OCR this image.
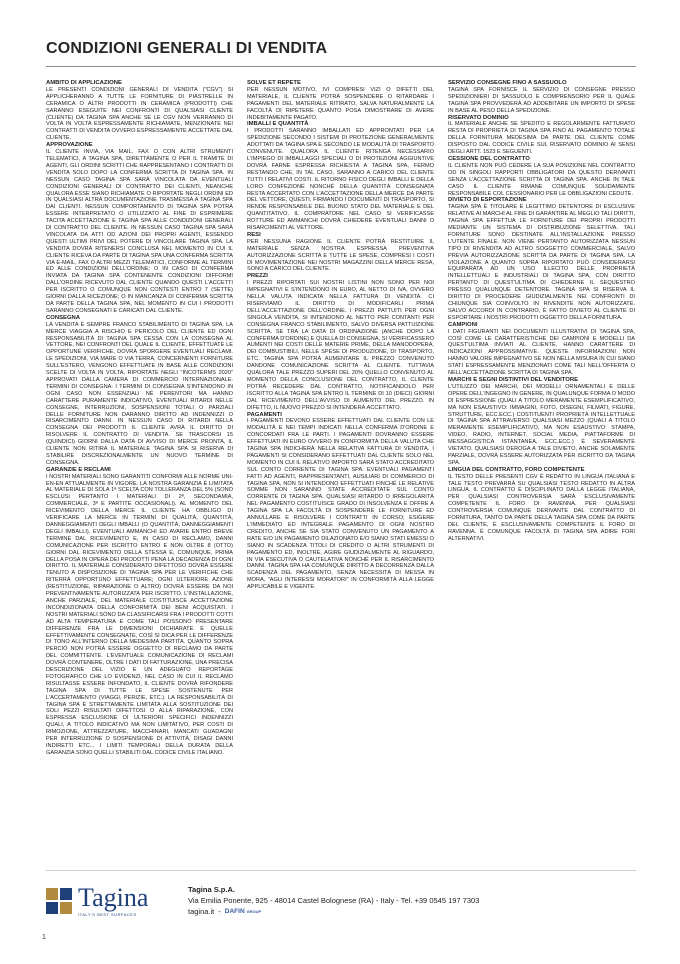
CONDIZIONI GENERALI DI VENDITA
AMBITO DI APPLICAZIONE

LE PRESENTI CONDIZIONI GENERALI DI VENDITA ("CGV") SI APPLICHERANNO A TUTTE LE FORNITURE DI PIASTRELLE IN CERAMICA O ALTRI PRODOTTI IN CERAMICA (PRODOTTI) CHE SARANNO ESEGUITE NEI CONFRONTI DI QUALSIASI CLIENTE (CLIENTE) DA TAGINA SPA ANCHE SE LE CGV NON VERRANNO DI VOLTA IN VOLTA ESPRESSAMENTE RICHIAMATE, MENZIONATE NEI CONTRATTI DI VENDITA OVVERO ESPRESSAMENTE ACCETTATE DAL CLIENTE.

APPROVAZIONE

IL CLIENTE INVIA, VIA MAIL, FAX O CON ALTRI STRUMENTI TELEMATICI, A TAGINA SPA, DIRETTAMENTE O PER IL TRAMITE DI AGENTI, GLI ORDINI SCRITTI CHE RAPPRESENTANO I CONTRATTI DI VENDITA SOLO DOPO LA CONFERMA SCRITTA DI TAGINA SPA. IN NESSUN CASO TAGINA SPA SARÀ VINCOLATA DA EVENTUALI CONDIZIONI GENERALI DI CONTRATTO DEI CLIENTI, NEANCHE QUALORA ESSE SIANO RICHIAMATE O RIPORTATE NEGLI ORDINI ED IN QUALSIASI ALTRA DOCUMENTAZIONE TRASMESSA A TAGINA SPA DAI CLIENTI. NESSUN COMPORTAMENTO DI TAGINA SPA POTRÀ ESSERE INTERPRETATO O UTILIZZATO AL FINE DI ESPRIMERE TACITA ACCETTAZIONE E TAGINA SPA ALLE CONDIZIONI GENERALI DI CONTRATTO DEL CLIENTE. IN NESSUN CASO TAGINA SPA SARÀ VINCOLATA DA ATTI OD AZIONI DEI PROPRI AGENTI, ESSENDO QUESTI ULTIMI PRIVI DEL POTERE DI VINCOLARE TAGINA SPA. LA VENDITA DOVRÀ RITENERSI CONCLUSA NEL MOMENTO IN CUI IL CLIENTE RICEVA DA PARTE DI TAGINA SPA UNA CONFERMA SCRITTA VIA E-MAIL, FAX O ALTRI MEZZI TELEMATICI, CONFORME AL TERMINI ED ALLE CONDIZIONI DELL'ORDINE; O IN CASO DI CONFERMA INVIATA DA TAGINA SPA CONTENENTE CONDIZIONI DIFFORMI DALL'ORDINE RICEVUTO DAL CLIENTE QUANDO QUESTI L'ACCETTI PER ISCRITTO O COMUNQUE NON CONTESTI ENTRO 7 (SETTE) GIORNI DALLA RICEZIONE; O IN MANCANZA DI CONFERMA SCRITTA DA PARTE DELLA TAGINA SPA, NEL MOMENTO IN CUI I PRODOTTI SARANNO CONSEGNATI E CARICATI DAL CLIENTE.

CONSEGNA

LA VENDITA È SEMPRE FRANCO STABILIMENTO DI TAGINA SPA. LA MERCE VIAGGIA A RISCHIO E PERICOLO DEL CLIENTE ED OGNI RESPONSABILITÀ DI TAGINA SPA CESSA CON LA CONSEGNA AL VETTORE, NEI CONFRONTI DEL QUALE IL CLIENTE, EFFETTUATE LE OPPORTUNE VERIFICHE, DOVRÀ SPORGERE EVENTUALI RECLAMI. LE SPEDIZIONI, VIA MARE O VIA TERRA, CONCERNENTI FORNITURE SULL'ESTERO, VENGONO EFFETTUATE IN BASE ALLE CONDIZIONI SCELTE DI VOLTA IN VOLTA, RIPORTATE NEGLI "INCOTERMS 2020" APPROVATI DALLA CAMERA DI COMMERCIO INTERNAZIONALE. TERMINI DI CONSEGNA: I TERMINI DI CONSEGNA S'INTENDONO IN OGNI CASO NON ESSENZIALI NÉ PERENTORI MA HANNO CARATTERE PURAMENTE INDICATIVO, EVENTUALI RITARDI NELLE CONSEGNE, INTERRUZIONI, SOSPENSIONI TOTALI O PARZIALI DELLE FORNITURE NON DARANNO DIRITTO AD INDENNIZZI O RISARCIMENTO DANNI. IN NESSUN CASO DI RITARDI NELLA CONSEGNA DEI PRODOTTI IL CLIENTE AVRÀ IL DIRITTO DI RISOLVERE IL CONTRATTO DI VENDITA. SE TRASCORSI 15 (QUINDICI) GIORNI DALLA DATA DI AVVISO DI MERCE PRONTA, IL CLIENTE NON RITIRA IL MATERIALE TAGINA SPA SI RISERVA DI STABILIRE DISCREZIONALMENTE UN NUOVO TERMINE DI CONSEGNA.

GARANZIE E RECLAMI

I NOSTRI MATERIALI SONO GARANTITI CONFORMI ALLE NORME UNI-EN-EN ATTUALMENTE IN VIGORE. LA NOSTRA GARANZIA È LIMITATA AL MATERIALE DI SOLA 1ª SCELTA CON TOLLERANZA DEL 5% (SONO ESCLUSI PERTANTO I MATERIALI DI 2ª, SECONDAMIA, COMMERCIALE, 3ª E PARTITE OCCASIONALI). AL MOMENTO DEL RICEVIMENTO DELLA MERCE IL CLIENTE HA OBBLIGO DI VERIFICARE LA MERCE IN TERMINI DI QUALITÀ, QUANTITÀ, DANNEGGIAMENTI DEGLI IMBALLI (O QUANTITÀ, DANNEGGIAMENTI DEGLI IMBALLI). EVENTUALI AMMANCHI ED AVARIE ENTRO BREVE TERMINE DAL RICEVIMENTO E, IN CASO DI RECLAMO, DANNI COMUNICAZIONE PER ISCRITTO ENTRO E NON OLTRE 8 (OTTO) GIORNI DAL RICEVIMENTO DELLA STESSA E, COMUNQUE, PRIMA DELLA POSA IN OPERA DEI PRODOTTI PENA LA DECADENZA DI OGNI DIRITTO. IL MATERIALE CONSIDERATO DIFETTOSO DOVRÀ ESSERE TENUTO A DISPOSIZIONE DI TAGINA SPA PER LE VERIFICHE CHE RITERRÀ OPPORTUNO EFFETTUARE; OGNI ULTERIORE AZIONE (RESTITUZIONE, RIPARAZIONE O ALTRO) DOVRÀ ESSERE DA NOI PREVENTIVAMENTE AUTORIZZATA PER ISCRITTO. L'INSTALLAZIONE, ANCHE PARZIALE, DEL MATERIALE COSTITUISCE ACCETTAZIONE INCONDIZIONATA DELLA CONFORMITÀ DEI BENI ACQUISTATI. I NOSTRI MATERIALI SONO DA CLASSIFICARSI FRA I PRODOTTI COTTI AD ALTA TEMPERATURA E COME TALI POSSONO PRESENTARE DIFFERENZE FRA LE DIMENSIONI DICHIARATE E QUELLE EFFETTIVAMENTE CONSEGNATE, COSÌ SI DICA PER LE DIFFERENZE DI TONO ALL'INTERNO DELLA MEDESIMA PARTITA. QUANTO SOPRA PERCIÒ NON POTRÀ ESSERE OGGETTO DI RECLAMO DA PARTE DEL COMMITTENTE. L'EVENTUALE COMUNICAZIONE DI RECLAMI DOVRÀ CONTENERE, OLTRE I DATI DI FATTURAZIONE, UNA PRECISA DESCRIZIONE DEL VIZIO E UN ADEGUATO REPORTAGE FOTOGRAFICO CHE LO EVIDENZI, NEL CASO IN CUI IL RECLAMO RISULTASSE ESSERE INFONDATO, IL CLIENTE DOVRÀ RIFONDERE TAGINA SPA DI TUTTE LE SPESE SOSTENUTE PER L'ACCERTAMENTO (VIAGGI, PERIZIE, ETC.). LA RESPONSABILITÀ DI TAGINA SPA È STRETTAMENTE LIMITATA ALLA SOSTITUZIONE DEI SOLI PEZZI RISULTATI DIFETTOSI O ALLA RIPARAZIONE, CON ESPRESSA ESCLUSIONE DI ULTERIORI SPECIFICI INDENNIZZI QUALI, A TITOLO INDICATIVO MA NON LIMITATIVO, PER COSTI DI RIMOZIONE, ATTREZZATURE, MACCHINARI, MANCATI GUADAGNI PER INTERRUZIONE O SOSPENSIONE DI ATTIVITÀ, DISAGI DANNI INDIRETTI ETC... I LIMITI TEMPORALI DELLA DURATA DELLA GARANZIA SONO QUELLI STABILITI DAL CODICE CIVILE ITALIANO.

SOLVE ET REPETE

PER NESSUN MOTIVO, IVI COMPRESI VIZI O DIFETTI DEL MATERIALE, IL CLIENTE POTRÀ SOSPENDERE O RITARDARE I PAGAMENTI DEL MATERIALE RITIRATO, SALVA NATURALMENTE LA FACOLTÀ DI RIPETERE QUANTO POSA DIMOSTRARE DI AVERE INDEBITAMENTE PAGATO.

IMBALLI E QUANTITÀ

I PRODOTTI SARANNO IMBALLATI ED APPRONTATI PER LA SPEDIZIONE SECONDO I SISTEMI DI PROTEZIONE GENERALMENTE ADOTTATI DA TAGINA SPA E SECONDO LE MODALITÀ DI TRASPORTO CONVENUTE. QUALORA IL CLIENTE RITENGA NECESSARIO L'IMPIEGO DI IMBALLAGGI SPECIALI O DI PROTEZIONI AGGIUNTIVE DOVRÀ FARNE ESPRESSA RICHIESTA A TAGINA SPA, FERMO RESTANDO CHE, IN TAL CASO, SARANNO A CARICO DEL CLIENTE TUTTI I RELATIVI COSTI. IL RITORNO FISICO DEGLI IMBALLI E DELLA LORO CONFEZIONE NONCHÉ DELLA QUANTITÀ CONSEGNATA RESTA ACCERTATO CON L'ACCETTAZIONE DELLA MERCE DA PARTE DEL VETTORE, QUESTI, FIRMANDO I DOCUMENTI DI TRASPORTO, SI RENDE RESPONSABILE DEL BUONO STATO DEL MATERIALE E DEL QUANTITATIVO. IL COMPRATORE NEL CASO SI VERIFICASSE ROTTURE ED AMMANCHI DOVRÀ CHIEDERE EVENTUALI DANNI O RISARCIMENTI AL VETTORE.

RESI

PER NESSUNA RAGIONE IL CLIENTE POTRÀ RESTITUIRE IL MATERIALE SENZA NOSTRA ESPRESSA PREVENTIVA AUTORIZZAZIONE SCRITTA E TUTTE LE SPESE, COMPRESI I COSTI DI MOVIMENTAZIONE NEI NOSTRI MAGAZZINI DELLA MERCE RESA, SONO A CARICO DEL CLIENTE.

PREZZI

I PREZZI RIPORTATI SUI NOSTRI LISTINI NON SONO PER NOI IMPEGNATIVI E S'INTENDONO IN EURO, AL NETTO DI IVA, OVVERO NELLA VALUTA INDICATA NELLA FATTURA DI VENDITA. CI RISERVIAMO IL DIRITTO DI MODIFICARLI PRIMA DELL'ACCETTAZIONE DELL'ORDINE. I PREZZI PATTUITI PER OGNI SINGOLA VENDITA, SI INTENDONO AL NETTO PER CONTANTI PER CONSEGNA FRANCO STABILIMENTO, SALVO DIVERSA PATTUIZIONE SCRITTA. SE TRA LA DATA DI ORDINAZIONE (ANCHE DOPO LA CONFERMA D'ORDINE) E QUELLA DI CONSEGNA, SI VERIFICASSERO AUMENTI NEI COSTI DELLE MATERIE PRIME, DELLA MANODOPERA, DEI COMBUSTIBILI, NELLE SPESE DI PRODUZIONE, DI TRASPORTO, ETC. TAGINA SPA POTRÀ AUMENTARE IL PREZZO CONVENUTO DANDONE COMUNICAZIONE SCRITTA AL CLIENTE. TUTTAVIA QUALORA TALE PREZZO SUPERI DEL 20% QUELLO CONVENUTO AL MOMENTO DELLA CONCLUSIONE DEL CONTRATTO, IL CLIENTE POTRÀ RECEDERE DAL CONTRATTO, NOTIFICANDOLO PER ISCRITTO ALLA TAGINA SPA ENTRO IL TERMINE DI 10 (DIECI) GIORNI DAL RICEVIMENTO DELL'AVVISO DI AUMENTO DEL PREZZO. IN DIFETTO, IL NUOVO PREZZO SI INTENDERÀ ACCETTATO.

PAGAMENTI

I PAGAMENTI DEVONO ESSERE EFFETTUATI DAL CLIENTE CON LE MODALITÀ E NEI TEMPI INDICATI NELLA CONFERMA D'ORDINE E CONCORDATI FRA LE PARTI. I PAGAMENTI DOVRANNO ESSERE EFFETTUATI IN EURO OVVERO IN CONFORMITÀ DELLA VALUTA CHE TAGINA SPA INDICHERÀ NELLA RELATIVA FATTURA DI VENDITA. I PAGAMENTI SI CONSIDERANO EFFETTUATI DAL CLIENTE SOLO NEL MOMENTO IN CUI IL RELATIVO IMPORTO SARÀ STATO ACCREDITATO SUL CONTO CORRENTE DI TAGINA SPA. EVENTUALI PAGAMENTI FATTI AD AGENTI, RAPPRESENTANTI, AUSILIARI DI COMMERCIO DI TAGINA SPA, NON SI INTENDONO EFFETTUATI FINCHÉ LE RELATIVE SOMME NON SARANNO STATE ACCREDITATE SUL CONTO CORRENTE DI TAGINA SPA. QUALSIASI RITARDO O IRREGOLARITÀ NEL PAGAMENTO COSTITUISCE GRADO DI INSOLVENZA E OFFRE A TAGINA SPA LA FACOLTÀ DI SOSPENDERE LE FORNITURE ED ANNULLARE E RISOLVERE I CONTRATTI IN CORSO; ESIGERE L'IMMEDIATO ED INTEGRALE PAGAMENTO DI OGNI NOSTRO CREDITO, ANCHE SE SIA STATO CONVENUTO UN PAGAMENTO A RATE E/O UN PAGAMENTO DILAZIONATO E/O SIANO STATI EMESSI O SIANO IN SCADENZA TITOLI DI CREDITO O ALTRI STRUMENTI DI PAGAMENTO ED, INOLTRE, AGIRE GIUDIZIALMENTE AL RIGUARDO, IN VIA ESECUTIVA O CAUTELATIVA NONCHÉ PER IL RISARCIMENTO DANNI. TAGINA SPA HA COMUNQUE DIRITTO A DECORRENZA DALLA SCADENZA DEL PAGAMENTO, SENZA NECESSITÀ DI MESSA IN MORA, "AGLI INTERESSI MORATORI" IN CONFORMITÀ ALLA LEGGE APPLICABILE E VIGENTE.

SERVIZIO CONSEGNE FINO A SASSUOLO

TAGINA SPA FORNISCE IL SERVIZIO DI CONSEGNE PRESSO SPEDIZIONIERI DI SASSUOLO E COMPRENSORIO PER IL QUALE TAGINA SPA PROVVEDERÀ AD ADDEBITARE UN IMPORTO DI SPESE IN BASE AL PESO DELLA SPEDIZIONE.

RISERVATO DOMINIO

IL MATERIALE ANCHE SE SPEDITO E REGOLARMENTE FATTURATO RESTA DI PROPRIETÀ DI TAGINA SPA FINO AL PAGAMENTO TOTALE DELLA FORNITURA MEDESIMA DA PARTE DEL CLIENTE COME DISPOSTO DAL CODICE CIVILE SUL RISERVATO DOMINIO AI SENSI DEGLI ARTT. 1523 E SEGUENTI.

CESSIONE DEL CONTRATTO

IL CLIENTE NON PUÒ CEDERE LA SUA POSIZIONE NEL CONTRATTO OD IN SINGOLI RAPPORTI OBBLIGATORI DA QUESTO DERIVANTI SENZA L'ACCETTAZIONE SCRITTA DI TAGINA SPA. ANCHE IN TALE CASO IL CLIENTE RIMANE COMUNQUE SOLIDAMENTE RESPONSABILE COL CESSIONARIO PER LE OBBLIGAZIONI CEDUTE.

DIVIETO DI ESPORTAZIONE

TAGINA SPA È TITOLARE E LEGITTIMO DETENTORE DI ESCLUSIVE RELATIVE AI MARCHI AL FINE DI GARANTIRE AL MEGLIO TALI DIRITTI, TAGINA SPA EFFETTUA LE FORNITURE DEI PROPRI PRODOTTI MEDIANTE UN SISTEMA DI DISTRIBUZIONE SELETTIVA. TALI FORNITURE SONO DESTINATE ALL'INSTALLAZIONE PRESSO L'UTENTE FINALE. NON VIENE PERTANTO AUTORIZZATA NESSUN TIPO DI RIVENDITA AD ALTRO SOGGETTO COMMERCIALE, SALVO PREVIA AUTORIZZAZIONE SCRITTA DA PARTE DI TAGINA SPA. LA VIOLAZIONE A QUANTO SOPRA RIPORTATO PUÒ CONSIDERARSI EQUIPARATA AD UN USO ILLECITO DELLE PROPRIETÀ INTELLETTUALI E INDUSTRIALI DI TAGINA SPA, CON DIRITTO PERTANTO DI QUEST'ULTIMA DI CHIEDERNE IL SEQUESTRO PRESSO QUALUNQUE DETENTORE. TAGINA SPA SI RISERVA IL DIRITTO DI PROCEDERE GIUDIZIALMENTE NEI CONFRONTI DI CHIUNQUE SIA COINVOLTO IN RIVENDITE NON AUTORIZZATE. SALVO ACCORDI IN CONTRARIO, È FATTO DIVIETO AL CLIENTE DI ESPORTARE I NOSTRI PRODOTTI OGGETTO DELLA FORNITURA.

CAMPIONI

I DATI FIGURANTI NEI DOCUMENTI ILLUSTRATIVI DI TAGINA SPA, COSÌ COME LE CARATTERISTICHE DEI CAMPIONI E MODELLI DA QUEST'ULTIMA INVIATI AL CLIENTE, HANNO CARATTERE DI INDICAZIONI APPROSSIMATIVE. QUESTE INFORMAZIONI NON HANNO VALORE IMPEGNATIVO SE NON NELLA MISURA IN CUI SIANO STATI ESPRESSAMENTE MENZIONATI COME TALI NELL'OFFERTA O NELL'ACCETTAZIONE SCRITTA DI TAGINA SPA.

MARCHI E SEGNI DISTINTIVI DEL VENDITORE

L'UTILIZZO DEI MARCHI, DEI MODELLI ORNAMENTALI E DELLE OPERE DELL'INGEGNO IN GENERE, IN QUALUNQUE FORMA O MODO DI ESPRESSIONE (QUALI A TITOLO MERAMENTE ESEMPLIFICATIVO, MA NON ESAUSTIVO: IMMAGINI, FOTO, DISEGNI, FILMATI, FIGURE, STRUTTURE, ECC.ECC.) COSTITUENTI PROPRIETÀ INTELLETTUALE DI TAGINA SPA ATTRAVERSO QUALSIASI MEZZO (QUALI A TITOLO MERAMENTE ESEMPLIFICATIVO, MA NON ESAUSTIVO: STAMPA, VIDEO, RADIO, INTERNET, SOCIAL MEDIA, PIATTAFORME DI MESSAGGISTICA ISTANTANEA, ECC.ECC.) È SEVERAMENTE VIETATO. QUALSIASI DEROGA A TALE DIVIETO, ANCHE SOLAMENTE PARZIALE, DOVRÀ ESSERE AUTORIZZATA PER ISCRITTO DA TAGINA SPA.

LINGUA DEL CONTRATTO, FORO COMPETENTE

IL TESTO DELLE PRESENTI CGV È REDATTO IN LINGUA ITALIANA E TALE TESTO PREVARRÀ SU QUALSIASI TESTO REDATTO IN ALTRA LINGUA. IL CONTRATTO È DISCIPLINATO DALLA LEGGE ITALIANA, PER QUALSIASI CONTROVERSIA SARÀ ESCLUSIVAMENTE COMPETENTE IL FORO DI RAVENNA. PER QUALSIASI CONTROVERSIA COMUNQUE DERIVANTE DAL CONTRATTO DI FORNITURA, TANTO DA PARTE DELLA TAGINA SPA COME DA PARTE DEL CLIENTE, È ESCLUSIVAMENTE COMPETENTE IL FORO DI RAVENNA. È COMUNQUE FACOLTÀ DI TAGINA SPA ADIRE FORI ALTERNATIVI.

Tagina
ITALY'S BEST SURFACES
Tagina S.p.A.
Via Emilia Ponente, 925 - 48014 Castel Bolognese (RA) - Italy - Tel. +39 0545 197 7303
tagina.it - DAFIN GROUP
1
